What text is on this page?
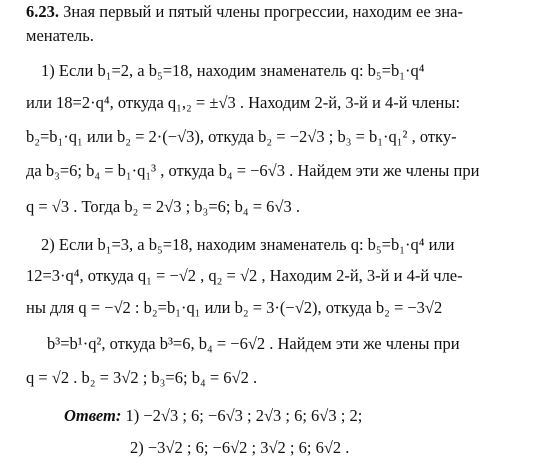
6.23. Зная первый и пятый члены прогрессии, находим ее зна-
менатель.
1) Если b₁=2, а b₅=18, находим знаменатель q: b₅=b₁·q⁴
или 18=2·q⁴, откуда q₁,₂ = ±√3 . Находим 2-й, 3-й и 4-й члены:
b₂=b₁·q₁ или b₂ = 2·(−√3), откуда b₂ = −2√3 ; b₃ = b₁·q₁² , отку-
да b₃=6; b₄ = b₁·q₁³ , откуда b₄ = −6√3 . Найдем эти же члены при
q = √3 . Тогда b₂ = 2√3 ; b₃=6; b₄ = 6√3 .
2) Если b₁=3, а b₅=18, находим знаменатель q: b₅=b₁·q⁴ или
12=3·q⁴, откуда q₁ = −√2 , q₂ = √2 , Находим 2-й, 3-й и 4-й чле-
ны для q = −√2 : b₂=b₁·q₁ или b₂ = 3·(−√2), откуда b₂ = −3√2
b³=b¹·q², откуда b³=6, b₄ = −6√2 . Найдем эти же члены при
q = √2 . b₂ = 3√2 ; b₃=6; b₄ = 6√2 .
Ответ: 1) −2√3 ; 6; −6√3 ; 2√3 ; 6; 6√3 ; 2;
2) −3√2 ; 6; −6√2 ; 3√2 ; 6; 6√2 .
